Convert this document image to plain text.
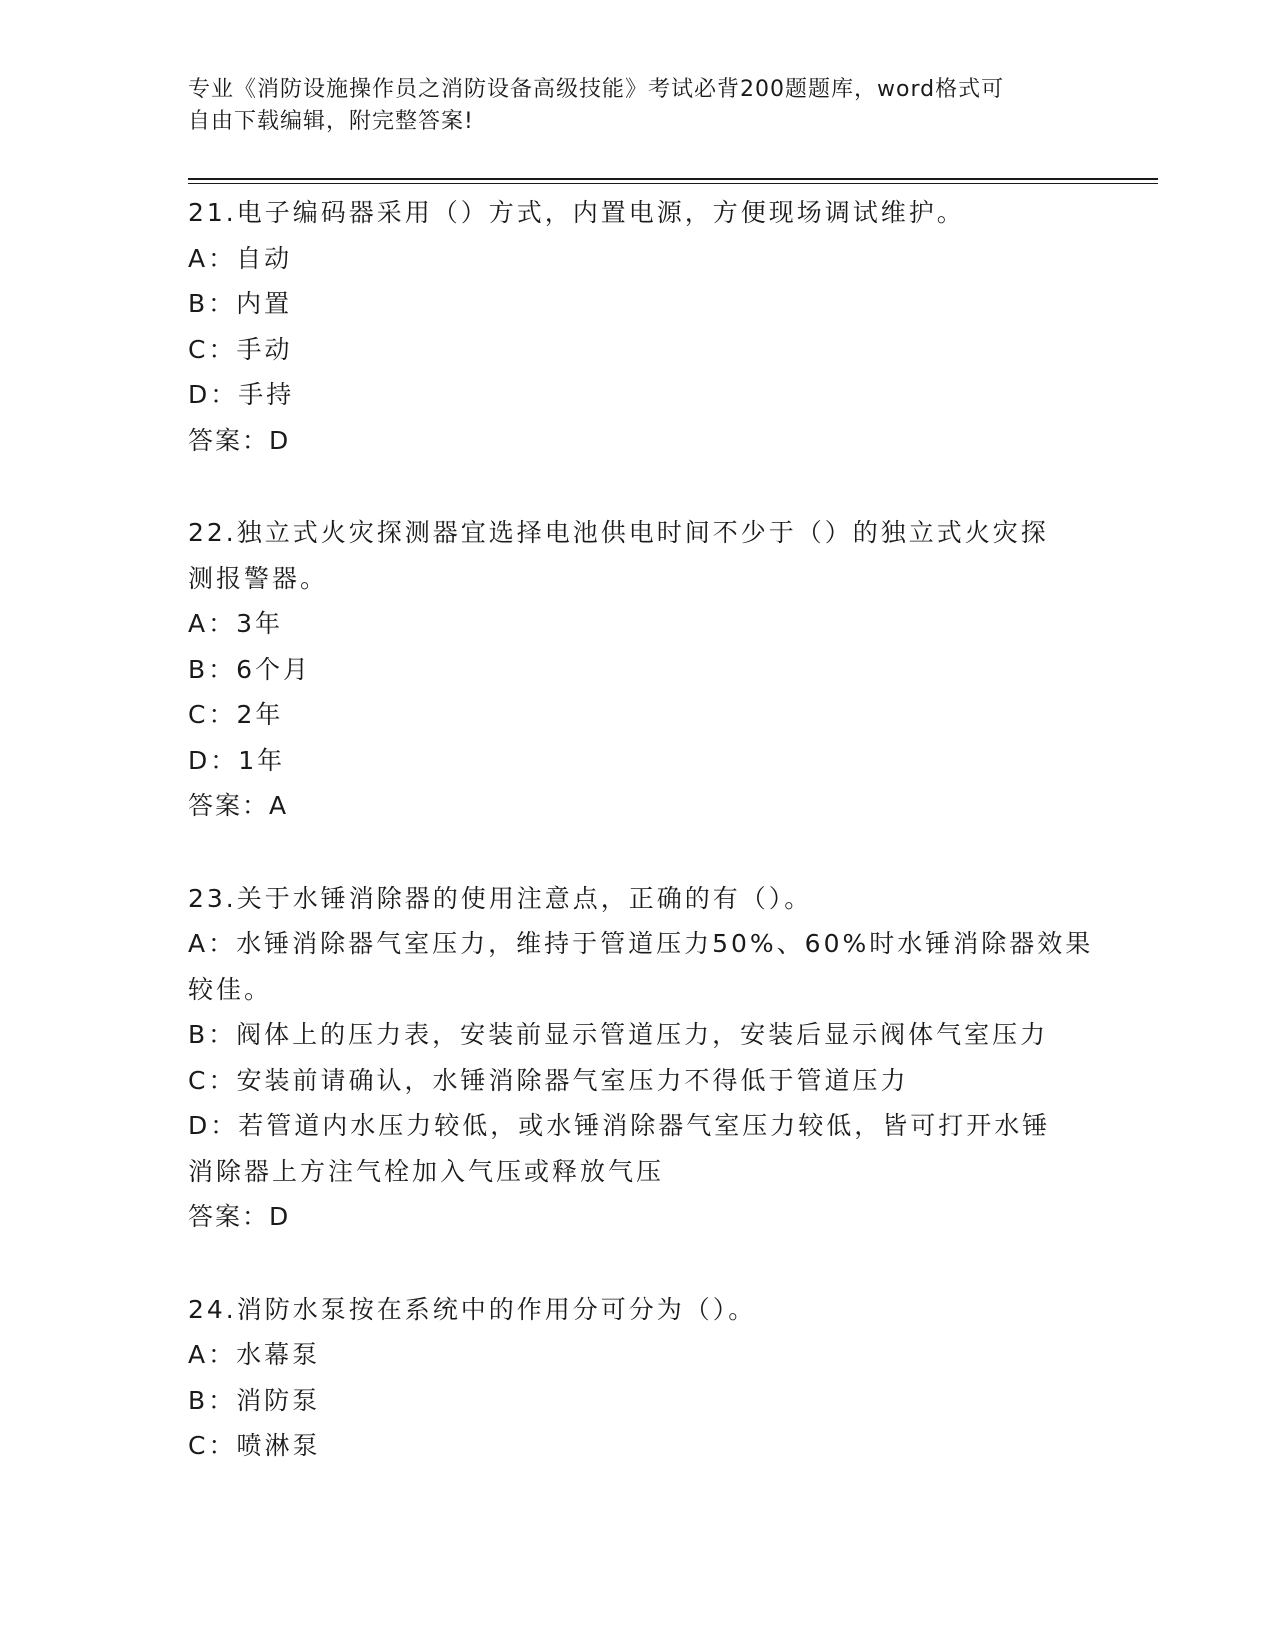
专业《消防设施操作员之消防设备高级技能》考试必背200题题库，word格式可
自由下载编辑，附完整答案!
21.电子编码器采用（）方式，内置电源，方便现场调试维护。
A：自动
B：内置
C：手动
D：手持
答案：D
22.独立式火灾探测器宜选择电池供电时间不少于（）的独立式火灾探
测报警器。
A：3年
B：6个月
C：2年
D：1年
答案：A
23.关于水锤消除器的使用注意点，正确的有（）。
A：水锤消除器气室压力，维持于管道压力50%、60%时水锤消除器效果
较佳。
B：阀体上的压力表，安装前显示管道压力，安装后显示阀体气室压力
C：安装前请确认，水锤消除器气室压力不得低于管道压力
D：若管道内水压力较低，或水锤消除器气室压力较低，皆可打开水锤
消除器上方注气栓加入气压或释放气压
答案：D
24.消防水泵按在系统中的作用分可分为（）。
A：水幕泵
B：消防泵
C：喷淋泵
